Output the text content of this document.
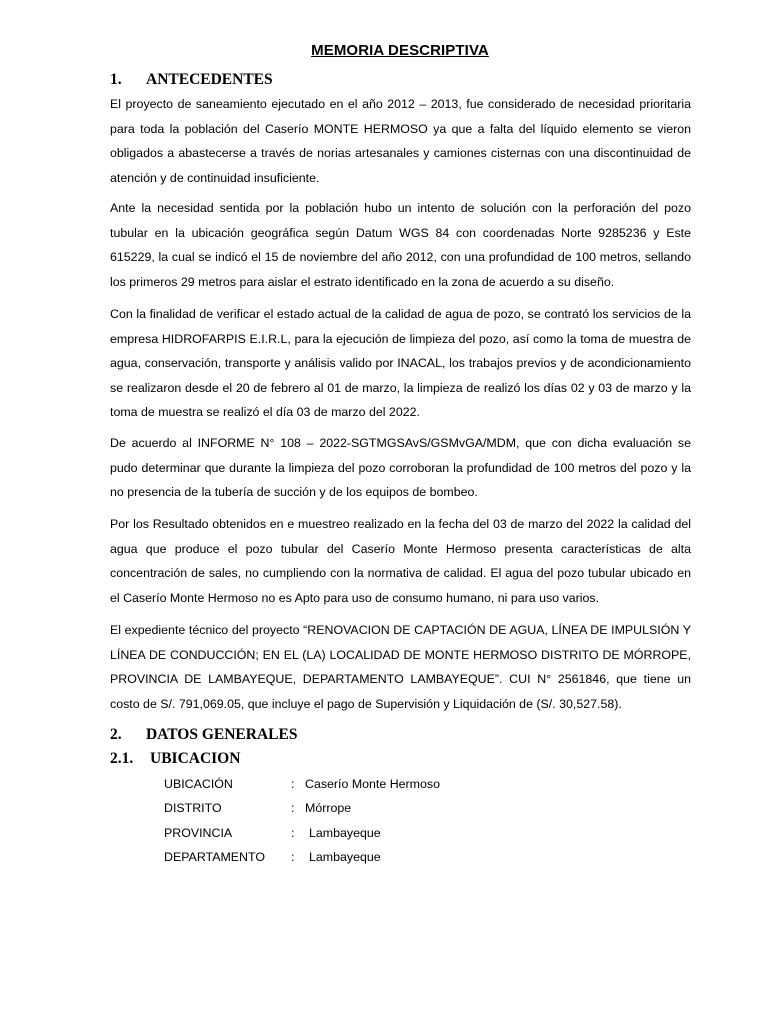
MEMORIA DESCRIPTIVA
1. ANTECEDENTES
El proyecto de saneamiento ejecutado en el año 2012 – 2013, fue considerado de necesidad prioritaria para toda la población del Caserío MONTE HERMOSO ya que a falta del líquido elemento se vieron obligados a abastecerse a través de norias artesanales y camiones cisternas con una discontinuidad de atención y de continuidad insuficiente.
Ante la necesidad sentida por la población hubo un intento de solución con la perforación del pozo tubular en la ubicación geográfica según Datum WGS 84 con coordenadas Norte 9285236 y Este 615229, la cual se indicó el 15 de noviembre del año 2012, con una profundidad de 100 metros, sellando los primeros 29 metros para aislar el estrato identificado en la zona de acuerdo a su diseño.
Con la finalidad de verificar el estado actual de la calidad de agua de pozo, se contrató los servicios de la empresa HIDROFARPIS E.I.R.L, para la ejecución de limpieza del pozo, así como la toma de muestra de agua, conservación, transporte y análisis valido por INACAL, los trabajos previos y de acondicionamiento se realizaron desde el 20 de febrero al 01 de marzo, la limpieza de realizó los días 02 y 03 de marzo y la toma de muestra se realizó el día 03 de marzo del 2022.
De acuerdo al INFORME N° 108 – 2022-SGTMGSAvS/GSMvGA/MDM, que con dicha evaluación se pudo determinar que durante la limpieza del pozo corroboran la profundidad de 100 metros del pozo y la no presencia de la tubería de succión y de los equipos de bombeo.
Por los Resultado obtenidos en e muestreo realizado en la fecha del 03 de marzo del 2022 la calidad del agua que produce el pozo tubular del Caserío Monte Hermoso presenta características de alta concentración de sales, no cumpliendo con la normativa de calidad. El agua del pozo tubular ubicado en el Caserío Monte Hermoso no es Apto para uso de consumo humano, ni para uso varios.
El expediente técnico del proyecto “RENOVACION DE CAPTACIÓN DE AGUA, LÍNEA DE IMPULSIÓN Y LÍNEA DE CONDUCCIÓN; EN EL (LA) LOCALIDAD DE MONTE HERMOSO DISTRITO DE MÓRROPE, PROVINCIA DE LAMBAYEQUE, DEPARTAMENTO LAMBAYEQUE”. CUI N° 2561846, que tiene un costo de S/. 791,069.05, que incluye el pago de Supervisión y Liquidación de (S/. 30,527.58).
2. DATOS GENERALES
2.1. UBICACION
UBICACIÓN	: Caserío Monte Hermoso
DISTRITO	: Mórrope
PROVINCIA	: Lambayeque
DEPARTAMENTO : Lambayeque
